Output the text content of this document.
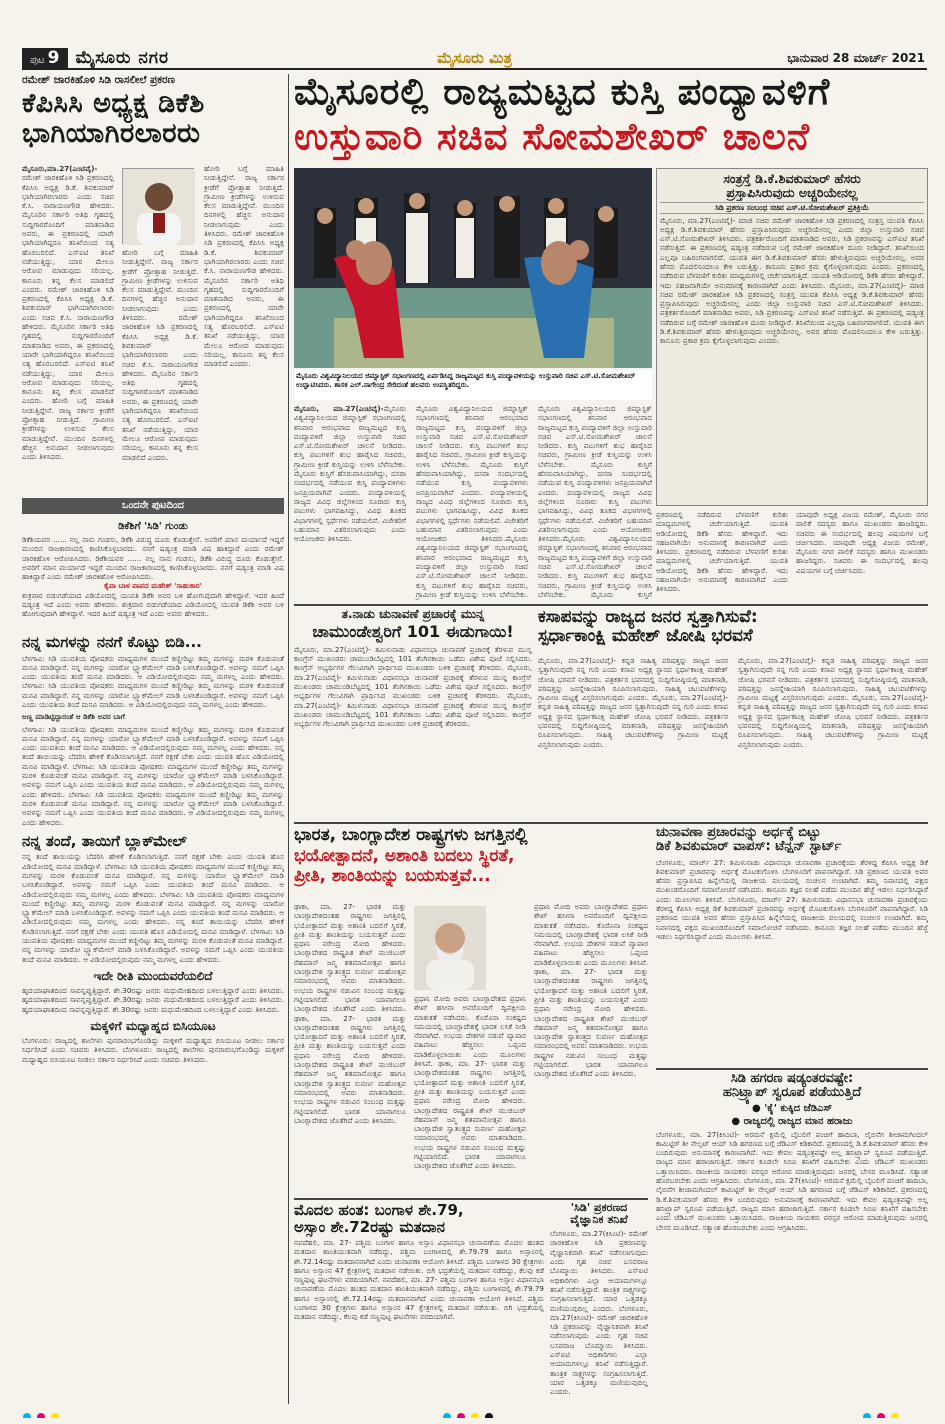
ಪುಟ 9 ಮೈಸೂರು ನಗರ	ಮೈಸೂರು ಮಿತ್ರ	ಭಾನುವಾರ 28 ಮಾರ್ಚ್ 2021
ರಮೇಶ್ ಜಾರಕಿಹೊಳಿ ಸಿಡಿ ರಾಸಲೀಲೆ ಪ್ರಕರಣ
ಕೆಪಿಸಿಸಿ ಅಧ್ಯಕ್ಷ ಡಿಕೆಶಿ ಭಾಗಿಯಾಗಿರಲಾರರು
ಮೈಸೂರು,ಮಾ.27(ಎಂಟಿವೈ)- ರಮೇಶ್ ಜಾರಕಿಹೊಳಿ ಸಿಡಿ ಪ್ರಕರಣದಲ್ಲಿ ಕೆಪಿಸಿಸಿ ಅಧ್ಯಕ್ಷ ಡಿ.ಕೆ. ಶಿವಕುಮಾರ್ ಭಾಗಿಯಾಗಿರಲಾರರು ಎಂದು ಸಚಿವ ಕೆ.ಸಿ. ನಾರಾಯಣಗೌಡ ಹೇಳಿದರು. ಮೈಸೂರಿನ ಸರ್ಕಾರಿ ಅತಿಥಿ ಗೃಹದಲ್ಲಿ ಸುದ್ದಿಗಾರರೊಂದಿಗೆ ಮಾತನಾಡಿದ ಅವರು, ಈ ಪ್ರಕರಣದಲ್ಲಿ ಯಾರೇ ಭಾಗಿಯಾಗಿದ್ದರೂ ತನಿಖೆಯಿಂದ ಸತ್ಯ ಹೊರಬರಲಿದೆ. ಎಸ್‍ಐಟಿ ತನಿಖೆ ನಡೆಯುತ್ತಿದ್ದು, ಯಾರ ಮೇಲೂ ಆರೋಪ ಮಾಡುವುದು ಸರಿಯಲ್ಲ. ಕಾನೂನು ತನ್ನ ಕೆಲಸ ಮಾಡಲಿದೆ ಎಂದರು. ರಮೇಶ್ ಜಾರಕಿಹೊಳಿ ಸಿಡಿ ಪ್ರಕರಣದಲ್ಲಿ ಕೆಪಿಸಿಸಿ ಅಧ್ಯಕ್ಷ ಡಿ.ಕೆ. ಶಿವಕುಮಾರ್ ಭಾಗಿಯಾಗಿರಲಾರರು ಎಂದು ಸಚಿವ ಕೆ.ಸಿ. ನಾರಾಯಣಗೌಡ ಹೇಳಿದರು. ಮೈಸೂರಿನ ಸರ್ಕಾರಿ ಅತಿಥಿ ಗೃಹದಲ್ಲಿ ಸುದ್ದಿಗಾರರೊಂದಿಗೆ ಮಾತನಾಡಿದ ಅವರು, ಈ ಪ್ರಕರಣದಲ್ಲಿ ಯಾರೇ ಭಾಗಿಯಾಗಿದ್ದರೂ ತನಿಖೆಯಿಂದ ಸತ್ಯ ಹೊರಬರಲಿದೆ. ಎಸ್‍ಐಟಿ ತನಿಖೆ ನಡೆಯುತ್ತಿದ್ದು, ಯಾರ ಮೇಲೂ ಆರೋಪ ಮಾಡುವುದು ಸರಿಯಲ್ಲ. ಕಾನೂನು ತನ್ನ ಕೆಲಸ ಮಾಡಲಿದೆ ಎಂದರು. ಹೋರಿ ಬಗ್ಗೆ ಮಾಹಿತಿ ನೀಡುತ್ತಿದ್ದೇನೆ. ರಾಜ್ಯ ಸರ್ಕಾರ ಕ್ರೀಡೆಗೆ ಪ್ರೋತ್ಸಾಹ ನೀಡುತ್ತಿದೆ. ಗ್ರಾಮೀಣ ಕ್ರೀಡೆಗಳನ್ನು ಉಳಿಸುವ ಕೆಲಸ ಮಾಡುತ್ತಿದ್ದೇವೆ. ಮುಂದಿನ ದಿನಗಳಲ್ಲಿ ಹೆಚ್ಚಿನ ಅನುದಾನ ನೀಡಲಾಗುವುದು ಎಂದು ತಿಳಿಸಿದರು.
ಹೋರಿ ಬಗ್ಗೆ ಮಾಹಿತಿ ನೀಡುತ್ತಿದ್ದೇನೆ. ರಾಜ್ಯ ಸರ್ಕಾರ ಕ್ರೀಡೆಗೆ ಪ್ರೋತ್ಸಾಹ ನೀಡುತ್ತಿದೆ. ಗ್ರಾಮೀಣ ಕ್ರೀಡೆಗಳನ್ನು ಉಳಿಸುವ ಕೆಲಸ ಮಾಡುತ್ತಿದ್ದೇವೆ. ಮುಂದಿನ ದಿನಗಳಲ್ಲಿ ಹೆಚ್ಚಿನ ಅನುದಾನ ನೀಡಲಾಗುವುದು ಎಂದು ತಿಳಿಸಿದರು.	ರಮೇಶ್ ಜಾರಕಿಹೊಳಿ ಸಿಡಿ ಪ್ರಕರಣದಲ್ಲಿ ಕೆಪಿಸಿಸಿ ಅಧ್ಯಕ್ಷ ಡಿ.ಕೆ. ಶಿವಕುಮಾರ್ ಭಾಗಿಯಾಗಿರಲಾರರು ಎಂದು ಸಚಿವ ಕೆ.ಸಿ. ನಾರಾಯಣಗೌಡ ಹೇಳಿದರು. ಮೈಸೂರಿನ ಸರ್ಕಾರಿ ಅತಿಥಿ ಗೃಹದಲ್ಲಿ ಸುದ್ದಿಗಾರರೊಂದಿಗೆ ಮಾತನಾಡಿದ ಅವರು, ಈ ಪ್ರಕರಣದಲ್ಲಿ ಯಾರೇ ಭಾಗಿಯಾಗಿದ್ದರೂ ತನಿಖೆಯಿಂದ ಸತ್ಯ ಹೊರಬರಲಿದೆ. ಎಸ್‍ಐಟಿ ತನಿಖೆ ನಡೆಯುತ್ತಿದ್ದು, ಯಾರ ಮೇಲೂ ಆರೋಪ ಮಾಡುವುದು ಸರಿಯಲ್ಲ. ಕಾನೂನು ತನ್ನ ಕೆಲಸ ಮಾಡಲಿದೆ ಎಂದರು.
ಹೋರಿ ಬಗ್ಗೆ ಮಾಹಿತಿ ನೀಡುತ್ತಿದ್ದೇನೆ. ರಾಜ್ಯ ಸರ್ಕಾರ ಕ್ರೀಡೆಗೆ ಪ್ರೋತ್ಸಾಹ ನೀಡುತ್ತಿದೆ. ಗ್ರಾಮೀಣ ಕ್ರೀಡೆಗಳನ್ನು ಉಳಿಸುವ ಕೆಲಸ ಮಾಡುತ್ತಿದ್ದೇವೆ. ಮುಂದಿನ ದಿನಗಳಲ್ಲಿ ಹೆಚ್ಚಿನ ಅನುದಾನ ನೀಡಲಾಗುವುದು ಎಂದು ತಿಳಿಸಿದರು. ರಮೇಶ್ ಜಾರಕಿಹೊಳಿ ಸಿಡಿ ಪ್ರಕರಣದಲ್ಲಿ ಕೆಪಿಸಿಸಿ ಅಧ್ಯಕ್ಷ ಡಿ.ಕೆ. ಶಿವಕುಮಾರ್ ಭಾಗಿಯಾಗಿರಲಾರರು ಎಂದು ಸಚಿವ ಕೆ.ಸಿ. ನಾರಾಯಣಗೌಡ ಹೇಳಿದರು. ಮೈಸೂರಿನ ಸರ್ಕಾರಿ ಅತಿಥಿ ಗೃಹದಲ್ಲಿ ಸುದ್ದಿಗಾರರೊಂದಿಗೆ ಮಾತನಾಡಿದ ಅವರು, ಈ ಪ್ರಕರಣದಲ್ಲಿ ಯಾರೇ ಭಾಗಿಯಾಗಿದ್ದರೂ ತನಿಖೆಯಿಂದ ಸತ್ಯ ಹೊರಬರಲಿದೆ. ಎಸ್‍ಐಟಿ ತನಿಖೆ ನಡೆಯುತ್ತಿದ್ದು, ಯಾರ ಮೇಲೂ ಆರೋಪ ಮಾಡುವುದು ಸರಿಯಲ್ಲ. ಕಾನೂನು ತನ್ನ ಕೆಲಸ ಮಾಡಲಿದೆ ಎಂದರು.
ಒಂದನೇ ಪುಟದಿಂದ
ಡಿಕೆಶಿಗೆ 'ಸಿಡಿ' ಗುಂಡು
ಡಿಕೆಶಿಯವರ ...... ನಲ್ಲ ನಾನು ಗಂಡಸು, ಡಿಕೆಶಿ ವಿರುದ್ಧ ದೂರು ಕೊಡುತ್ತೇನೆ. ಅವರಿಗೆ ಮಾನ ಮರ್ಯಾದೆ ಇದ್ದರೆ ಮುಂದಿನ ರಾಜಕಾರಣದಲ್ಲಿ ಕಾಣಿಸಿಕೊಳ್ಳಬಾರದು. ನನಗೆ ಷಡ್ಯಂತ್ರ ಮಾಡಿ ವಿಷ ಹಾಕಿದ್ದಾರೆ ಎಂದು ರಮೇಶ್ ಜಾರಕಿಹೊಳಿ ಆರೋಪಿಸಿದರು. ಡಿಕೆಶಿಯವರ ...... ನಲ್ಲ ನಾನು ಗಂಡಸು, ಡಿಕೆಶಿ ವಿರುದ್ಧ ದೂರು ಕೊಡುತ್ತೇನೆ. ಅವರಿಗೆ ಮಾನ ಮರ್ಯಾದೆ ಇದ್ದರೆ ಮುಂದಿನ ರಾಜಕಾರಣದಲ್ಲಿ ಕಾಣಿಸಿಕೊಳ್ಳಬಾರದು. ನನಗೆ ಷಡ್ಯಂತ್ರ ಮಾಡಿ ವಿಷ ಹಾಕಿದ್ದಾರೆ ಎಂದು ರಮೇಶ್ ಜಾರಕಿಹೊಳಿ ಆರೋಪಿಸಿದರು.
ಕೈವಾ ಬಾಳ ಪಾಪದ ಮಹೇಶ್ 'ಸಾಹುಕಾರ'
ಶುಕ್ರವಾರ ಬಿಡುಗಡೆಯಾದ ವಿಡಿಯೋದಲ್ಲಿ ಯುವತಿ ಡಿಕೆಶಿ ಅವರ ಬಳಿ ಹೋಗುವುದಾಗಿ ಹೇಳಿದ್ದಾಳೆ. ಇದರ ಹಿಂದೆ ಷಡ್ಯಂತ್ರ ಇದೆ ಎಂದು ಅವರು ಹೇಳಿದರು. ಶುಕ್ರವಾರ ಬಿಡುಗಡೆಯಾದ ವಿಡಿಯೋದಲ್ಲಿ ಯುವತಿ ಡಿಕೆಶಿ ಅವರ ಬಳಿ ಹೋಗುವುದಾಗಿ ಹೇಳಿದ್ದಾಳೆ. ಇದರ ಹಿಂದೆ ಷಡ್ಯಂತ್ರ ಇದೆ ಎಂದು ಅವರು ಹೇಳಿದರು.
ನನ್ನ ಮಗಳನ್ನು ನನಗೆ ಕೊಟ್ಟು ಬಿಡಿ...
ಬೆಳಗಾವಿ: ಸಿಡಿ ಯುವತಿಯ ಪೋಷಕರು ಮಾಧ್ಯಮಗಳ ಮುಂದೆ ಕಣ್ಣೀರಿಟ್ಟು ತಮ್ಮ ಮಗಳನ್ನು ಮರಳಿ ಕೊಡುವಂತೆ ಮನವಿ ಮಾಡಿದ್ದಾರೆ. ನನ್ನ ಮಗಳನ್ನು ಯಾರೋ ಬ್ಲ್ಯಾಕ್‍ಮೇಲ್ ಮಾಡಿ ಬಳಸಿಕೊಂಡಿದ್ದಾರೆ. ಅವಳನ್ನು ನಮಗೆ ಒಪ್ಪಿಸಿ ಎಂದು ಯುವತಿಯ ತಂದೆ ಮನವಿ ಮಾಡಿದರು. ಆ ವಿಡಿಯೋದಲ್ಲಿರುವುದು ನಮ್ಮ ಮಗಳಲ್ಲ ಎಂದು ಹೇಳಿದರು. ಬೆಳಗಾವಿ: ಸಿಡಿ ಯುವತಿಯ ಪೋಷಕರು ಮಾಧ್ಯಮಗಳ ಮುಂದೆ ಕಣ್ಣೀರಿಟ್ಟು ತಮ್ಮ ಮಗಳನ್ನು ಮರಳಿ ಕೊಡುವಂತೆ ಮನವಿ ಮಾಡಿದ್ದಾರೆ. ನನ್ನ ಮಗಳನ್ನು ಯಾರೋ ಬ್ಲ್ಯಾಕ್‍ಮೇಲ್ ಮಾಡಿ ಬಳಸಿಕೊಂಡಿದ್ದಾರೆ. ಅವಳನ್ನು ನಮಗೆ ಒಪ್ಪಿಸಿ ಎಂದು ಯುವತಿಯ ತಂದೆ ಮನವಿ ಮಾಡಿದರು. ಆ ವಿಡಿಯೋದಲ್ಲಿರುವುದು ನಮ್ಮ ಮಗಳಲ್ಲ ಎಂದು ಹೇಳಿದರು.
ಅಣ್ಣ ಮಾಡಿಟ್ಟಿದ್ದಾರಂತೆ ಆ ಡಿಕೆಶಿ ಅವರ ಬಾಗೆ
ಬೆಳಗಾವಿ: ಸಿಡಿ ಯುವತಿಯ ಪೋಷಕರು ಮಾಧ್ಯಮಗಳ ಮುಂದೆ ಕಣ್ಣೀರಿಟ್ಟು ತಮ್ಮ ಮಗಳನ್ನು ಮರಳಿ ಕೊಡುವಂತೆ ಮನವಿ ಮಾಡಿದ್ದಾರೆ. ನನ್ನ ಮಗಳನ್ನು ಯಾರೋ ಬ್ಲ್ಯಾಕ್‍ಮೇಲ್ ಮಾಡಿ ಬಳಸಿಕೊಂಡಿದ್ದಾರೆ. ಅವಳನ್ನು ನಮಗೆ ಒಪ್ಪಿಸಿ ಎಂದು ಯುವತಿಯ ತಂದೆ ಮನವಿ ಮಾಡಿದರು. ಆ ವಿಡಿಯೋದಲ್ಲಿರುವುದು ನಮ್ಮ ಮಗಳಲ್ಲ ಎಂದು ಹೇಳಿದರು. ನನ್ನ ತಂದೆ ತಾಯಿಯನ್ನು ಬೆದರಿಸಿ ಹೇಳಿಕೆ ಕೊಡಿಸಲಾಗುತ್ತಿದೆ. ನನಗೆ ರಕ್ಷಣೆ ಬೇಕು ಎಂದು ಯುವತಿ ಹೊಸ ವಿಡಿಯೋದಲ್ಲಿ ಮನವಿ ಮಾಡಿದ್ದಾಳೆ. ಬೆಳಗಾವಿ: ಸಿಡಿ ಯುವತಿಯ ಪೋಷಕರು ಮಾಧ್ಯಮಗಳ ಮುಂದೆ ಕಣ್ಣೀರಿಟ್ಟು ತಮ್ಮ ಮಗಳನ್ನು ಮರಳಿ ಕೊಡುವಂತೆ ಮನವಿ ಮಾಡಿದ್ದಾರೆ. ನನ್ನ ಮಗಳನ್ನು ಯಾರೋ ಬ್ಲ್ಯಾಕ್‍ಮೇಲ್ ಮಾಡಿ ಬಳಸಿಕೊಂಡಿದ್ದಾರೆ. ಅವಳನ್ನು ನಮಗೆ ಒಪ್ಪಿಸಿ ಎಂದು ಯುವತಿಯ ತಂದೆ ಮನವಿ ಮಾಡಿದರು. ಆ ವಿಡಿಯೋದಲ್ಲಿರುವುದು ನಮ್ಮ ಮಗಳಲ್ಲ ಎಂದು ಹೇಳಿದರು. ಬೆಳಗಾವಿ: ಸಿಡಿ ಯುವತಿಯ ಪೋಷಕರು ಮಾಧ್ಯಮಗಳ ಮುಂದೆ ಕಣ್ಣೀರಿಟ್ಟು ತಮ್ಮ ಮಗಳನ್ನು ಮರಳಿ ಕೊಡುವಂತೆ ಮನವಿ ಮಾಡಿದ್ದಾರೆ. ನನ್ನ ಮಗಳನ್ನು ಯಾರೋ ಬ್ಲ್ಯಾಕ್‍ಮೇಲ್ ಮಾಡಿ ಬಳಸಿಕೊಂಡಿದ್ದಾರೆ. ಅವಳನ್ನು ನಮಗೆ ಒಪ್ಪಿಸಿ ಎಂದು ಯುವತಿಯ ತಂದೆ ಮನವಿ ಮಾಡಿದರು. ಆ ವಿಡಿಯೋದಲ್ಲಿರುವುದು ನಮ್ಮ ಮಗಳಲ್ಲ ಎಂದು ಹೇಳಿದರು.
ನನ್ನ ತಂದೆ, ತಾಯಿಗೆ ಬ್ಲಾಕ್‍ಮೇಲ್
ನನ್ನ ತಂದೆ ತಾಯಿಯನ್ನು ಬೆದರಿಸಿ ಹೇಳಿಕೆ ಕೊಡಿಸಲಾಗುತ್ತಿದೆ. ನನಗೆ ರಕ್ಷಣೆ ಬೇಕು ಎಂದು ಯುವತಿ ಹೊಸ ವಿಡಿಯೋದಲ್ಲಿ ಮನವಿ ಮಾಡಿದ್ದಾಳೆ. ಬೆಳಗಾವಿ: ಸಿಡಿ ಯುವತಿಯ ಪೋಷಕರು ಮಾಧ್ಯಮಗಳ ಮುಂದೆ ಕಣ್ಣೀರಿಟ್ಟು ತಮ್ಮ ಮಗಳನ್ನು ಮರಳಿ ಕೊಡುವಂತೆ ಮನವಿ ಮಾಡಿದ್ದಾರೆ. ನನ್ನ ಮಗಳನ್ನು ಯಾರೋ ಬ್ಲ್ಯಾಕ್‍ಮೇಲ್ ಮಾಡಿ ಬಳಸಿಕೊಂಡಿದ್ದಾರೆ. ಅವಳನ್ನು ನಮಗೆ ಒಪ್ಪಿಸಿ ಎಂದು ಯುವತಿಯ ತಂದೆ ಮನವಿ ಮಾಡಿದರು. ಆ ವಿಡಿಯೋದಲ್ಲಿರುವುದು ನಮ್ಮ ಮಗಳಲ್ಲ ಎಂದು ಹೇಳಿದರು. ಬೆಳಗಾವಿ: ಸಿಡಿ ಯುವತಿಯ ಪೋಷಕರು ಮಾಧ್ಯಮಗಳ ಮುಂದೆ ಕಣ್ಣೀರಿಟ್ಟು ತಮ್ಮ ಮಗಳನ್ನು ಮರಳಿ ಕೊಡುವಂತೆ ಮನವಿ ಮಾಡಿದ್ದಾರೆ. ನನ್ನ ಮಗಳನ್ನು ಯಾರೋ ಬ್ಲ್ಯಾಕ್‍ಮೇಲ್ ಮಾಡಿ ಬಳಸಿಕೊಂಡಿದ್ದಾರೆ. ಅವಳನ್ನು ನಮಗೆ ಒಪ್ಪಿಸಿ ಎಂದು ಯುವತಿಯ ತಂದೆ ಮನವಿ ಮಾಡಿದರು. ಆ ವಿಡಿಯೋದಲ್ಲಿರುವುದು ನಮ್ಮ ಮಗಳಲ್ಲ ಎಂದು ಹೇಳಿದರು. ನನ್ನ ತಂದೆ ತಾಯಿಯನ್ನು ಬೆದರಿಸಿ ಹೇಳಿಕೆ ಕೊಡಿಸಲಾಗುತ್ತಿದೆ. ನನಗೆ ರಕ್ಷಣೆ ಬೇಕು ಎಂದು ಯುವತಿ ಹೊಸ ವಿಡಿಯೋದಲ್ಲಿ ಮನವಿ ಮಾಡಿದ್ದಾಳೆ. ಬೆಳಗಾವಿ: ಸಿಡಿ ಯುವತಿಯ ಪೋಷಕರು ಮಾಧ್ಯಮಗಳ ಮುಂದೆ ಕಣ್ಣೀರಿಟ್ಟು ತಮ್ಮ ಮಗಳನ್ನು ಮರಳಿ ಕೊಡುವಂತೆ ಮನವಿ ಮಾಡಿದ್ದಾರೆ. ನನ್ನ ಮಗಳನ್ನು ಯಾರೋ ಬ್ಲ್ಯಾಕ್‍ಮೇಲ್ ಮಾಡಿ ಬಳಸಿಕೊಂಡಿದ್ದಾರೆ. ಅವಳನ್ನು ನಮಗೆ ಒಪ್ಪಿಸಿ ಎಂದು ಯುವತಿಯ ತಂದೆ ಮನವಿ ಮಾಡಿದರು. ಆ ವಿಡಿಯೋದಲ್ಲಿರುವುದು ನಮ್ಮ ಮಗಳಲ್ಲ ಎಂದು ಹೇಳಿದರು.
ಇದೇ ರೀತಿ ಮುಂದುವರೆಯಲಿದೆ
ಹೃದಯಾಘಾತದಿಂದ ಸಾವನ್ನಪ್ಪುತ್ತಿದ್ದಾರೆ. ಶೇ.30ರಷ್ಟು ಜನರು ಮಧುಮೇಹದಿಂದ ಬಳಲುತ್ತಿದ್ದಾರೆ ಎಂದು ತಿಳಿಸಿದರು. ಹೃದಯಾಘಾತದಿಂದ ಸಾವನ್ನಪ್ಪುತ್ತಿದ್ದಾರೆ. ಶೇ.30ರಷ್ಟು ಜನರು ಮಧುಮೇಹದಿಂದ ಬಳಲುತ್ತಿದ್ದಾರೆ ಎಂದು ತಿಳಿಸಿದರು. ಹೃದಯಾಘಾತದಿಂದ ಸಾವನ್ನಪ್ಪುತ್ತಿದ್ದಾರೆ. ಶೇ.30ರಷ್ಟು ಜನರು ಮಧುಮೇಹದಿಂದ ಬಳಲುತ್ತಿದ್ದಾರೆ ಎಂದು ತಿಳಿಸಿದರು.
ಮಕ್ಕಳಿಗೆ ಮಧ್ಯಾಹ್ನದ ಬಿಸಿಯೂಟ
ಬೆಂಗಳೂರು: ರಾಜ್ಯದಲ್ಲಿ ಶಾಲೆಗಳು ಪುನರಾರಂಭಗೊಂಡಿದ್ದು ಮಕ್ಕಳಿಗೆ ಮಧ್ಯಾಹ್ನದ ಬಿಸಿಯೂಟ ನೀಡಲು ಸರ್ಕಾರ ನಿರ್ಧರಿಸಿದೆ ಎಂದು ಸಚಿವರು ತಿಳಿಸಿದರು. ಬೆಂಗಳೂರು: ರಾಜ್ಯದಲ್ಲಿ ಶಾಲೆಗಳು ಪುನರಾರಂಭಗೊಂಡಿದ್ದು ಮಕ್ಕಳಿಗೆ ಮಧ್ಯಾಹ್ನದ ಬಿಸಿಯೂಟ ನೀಡಲು ಸರ್ಕಾರ ನಿರ್ಧರಿಸಿದೆ ಎಂದು ಸಚಿವರು ತಿಳಿಸಿದರು.
ಮೈಸೂರಲ್ಲಿ ರಾಜ್ಯಮಟ್ಟದ ಕುಸ್ತಿ ಪಂದ್ಯಾವಳಿಗೆ
ಉಸ್ತುವಾರಿ ಸಚಿವ ಸೋಮಶೇಖರ್ ಚಾಲನೆ
ಮೈಸೂರು ವಿಶ್ವವಿದ್ಯಾನಿಲಯದ ಜಿಮ್ನಾಸ್ಟಿಕ್ ಸಭಾಂಗಣದಲ್ಲಿ ಏರ್ಪಡಿಸಿದ್ದ ರಾಜ್ಯಮಟ್ಟದ ಕುಸ್ತಿ ಪಂದ್ಯಾವಳಿಯನ್ನು ಉಸ್ತುವಾರಿ ಸಚಿವ ಎಸ್.ಟಿ.ಸೋಮಶೇಖರ್ ಉದ್ಘಾಟಿಸಿದರು. ಶಾಸಕ ಎಲ್.ನಾಗೇಂದ್ರ ಸೇರಿದಂತೆ ಹಲವರು ಉಪಸ್ಥಿತರಿದ್ದರು.
ಮೈಸೂರು, ಮಾ.27(ಎಂಟಿವೈ)-ಮೈಸೂರು ವಿಶ್ವವಿದ್ಯಾನಿಲಯದ ಜಿಮ್ನಾಸ್ಟಿಕ್ ಸಭಾಂಗಣದಲ್ಲಿ ಶನಿವಾರ ಆರಂಭವಾದ ರಾಜ್ಯಮಟ್ಟದ ಕುಸ್ತಿ ಪಂದ್ಯಾವಳಿಗೆ ಜಿಲ್ಲಾ ಉಸ್ತುವಾರಿ ಸಚಿವ ಎಸ್.ಟಿ.ಸೋಮಶೇಖರ್ ಚಾಲನೆ ನೀಡಿದರು. ಕುಸ್ತಿ ಪಟುಗಳಿಗೆ ಶುಭ ಹಾರೈಸಿದ ಸಚಿವರು, ಗ್ರಾಮೀಣ ಕ್ರೀಡೆ ಕುಸ್ತಿಯನ್ನು ಉಳಿಸಿ ಬೆಳೆಸಬೇಕು. ಮೈಸೂರು ಕುಸ್ತಿಗೆ ಹೆಸರುವಾಸಿಯಾಗಿದ್ದು, ದಸರಾ ಸಂದರ್ಭದಲ್ಲಿ ನಡೆಯುವ ಕುಸ್ತಿ ಪಂದ್ಯಾವಳಿಗಳು ಜನಪ್ರಿಯವಾಗಿವೆ ಎಂದರು. ಪಂದ್ಯಾವಳಿಯಲ್ಲಿ ರಾಜ್ಯದ ವಿವಿಧ ಜಿಲ್ಲೆಗಳಿಂದ ನೂರಾರು ಕುಸ್ತಿ ಪಟುಗಳು ಭಾಗವಹಿಸಿದ್ದು, ವಿವಿಧ ತೂಕದ ವಿಭಾಗಗಳಲ್ಲಿ ಸ್ಪರ್ಧೆಗಳು ನಡೆಯಲಿವೆ. ವಿಜೇತರಿಗೆ ಬಹುಮಾನ ವಿತರಿಸಲಾಗುವುದು ಎಂದು ಆಯೋಜಕರು ತಿಳಿಸಿದರು.
ಮೈಸೂರು ವಿಶ್ವವಿದ್ಯಾನಿಲಯದ ಜಿಮ್ನಾಸ್ಟಿಕ್ ಸಭಾಂಗಣದಲ್ಲಿ ಶನಿವಾರ ಆರಂಭವಾದ ರಾಜ್ಯಮಟ್ಟದ ಕುಸ್ತಿ ಪಂದ್ಯಾವಳಿಗೆ ಜಿಲ್ಲಾ ಉಸ್ತುವಾರಿ ಸಚಿವ ಎಸ್.ಟಿ.ಸೋಮಶೇಖರ್ ಚಾಲನೆ ನೀಡಿದರು. ಕುಸ್ತಿ ಪಟುಗಳಿಗೆ ಶುಭ ಹಾರೈಸಿದ ಸಚಿವರು, ಗ್ರಾಮೀಣ ಕ್ರೀಡೆ ಕುಸ್ತಿಯನ್ನು ಉಳಿಸಿ ಬೆಳೆಸಬೇಕು. ಮೈಸೂರು ಕುಸ್ತಿಗೆ ಹೆಸರುವಾಸಿಯಾಗಿದ್ದು, ದಸರಾ ಸಂದರ್ಭದಲ್ಲಿ ನಡೆಯುವ ಕುಸ್ತಿ ಪಂದ್ಯಾವಳಿಗಳು ಜನಪ್ರಿಯವಾಗಿವೆ ಎಂದರು. ಪಂದ್ಯಾವಳಿಯಲ್ಲಿ ರಾಜ್ಯದ ವಿವಿಧ ಜಿಲ್ಲೆಗಳಿಂದ ನೂರಾರು ಕುಸ್ತಿ ಪಟುಗಳು ಭಾಗವಹಿಸಿದ್ದು, ವಿವಿಧ ತೂಕದ ವಿಭಾಗಗಳಲ್ಲಿ ಸ್ಪರ್ಧೆಗಳು ನಡೆಯಲಿವೆ. ವಿಜೇತರಿಗೆ ಬಹುಮಾನ ವಿತರಿಸಲಾಗುವುದು ಎಂದು ಆಯೋಜಕರು ತಿಳಿಸಿದರು.ಮೈಸೂರು ವಿಶ್ವವಿದ್ಯಾನಿಲಯದ ಜಿಮ್ನಾಸ್ಟಿಕ್ ಸಭಾಂಗಣದಲ್ಲಿ ಶನಿವಾರ ಆರಂಭವಾದ ರಾಜ್ಯಮಟ್ಟದ ಕುಸ್ತಿ ಪಂದ್ಯಾವಳಿಗೆ ಜಿಲ್ಲಾ ಉಸ್ತುವಾರಿ ಸಚಿವ ಎಸ್.ಟಿ.ಸೋಮಶೇಖರ್ ಚಾಲನೆ ನೀಡಿದರು. ಕುಸ್ತಿ ಪಟುಗಳಿಗೆ ಶುಭ ಹಾರೈಸಿದ ಸಚಿವರು, ಗ್ರಾಮೀಣ ಕ್ರೀಡೆ ಕುಸ್ತಿಯನ್ನು ಉಳಿಸಿ ಬೆಳೆಸಬೇಕು.
ಮೈಸೂರು ವಿಶ್ವವಿದ್ಯಾನಿಲಯದ ಜಿಮ್ನಾಸ್ಟಿಕ್ ಸಭಾಂಗಣದಲ್ಲಿ ಶನಿವಾರ ಆರಂಭವಾದ ರಾಜ್ಯಮಟ್ಟದ ಕುಸ್ತಿ ಪಂದ್ಯಾವಳಿಗೆ ಜಿಲ್ಲಾ ಉಸ್ತುವಾರಿ ಸಚಿವ ಎಸ್.ಟಿ.ಸೋಮಶೇಖರ್ ಚಾಲನೆ ನೀಡಿದರು. ಕುಸ್ತಿ ಪಟುಗಳಿಗೆ ಶುಭ ಹಾರೈಸಿದ ಸಚಿವರು, ಗ್ರಾಮೀಣ ಕ್ರೀಡೆ ಕುಸ್ತಿಯನ್ನು ಉಳಿಸಿ ಬೆಳೆಸಬೇಕು. ಮೈಸೂರು ಕುಸ್ತಿಗೆ ಹೆಸರುವಾಸಿಯಾಗಿದ್ದು, ದಸರಾ ಸಂದರ್ಭದಲ್ಲಿ ನಡೆಯುವ ಕುಸ್ತಿ ಪಂದ್ಯಾವಳಿಗಳು ಜನಪ್ರಿಯವಾಗಿವೆ ಎಂದರು. ಪಂದ್ಯಾವಳಿಯಲ್ಲಿ ರಾಜ್ಯದ ವಿವಿಧ ಜಿಲ್ಲೆಗಳಿಂದ ನೂರಾರು ಕುಸ್ತಿ ಪಟುಗಳು ಭಾಗವಹಿಸಿದ್ದು, ವಿವಿಧ ತೂಕದ ವಿಭಾಗಗಳಲ್ಲಿ ಸ್ಪರ್ಧೆಗಳು ನಡೆಯಲಿವೆ. ವಿಜೇತರಿಗೆ ಬಹುಮಾನ ವಿತರಿಸಲಾಗುವುದು ಎಂದು ಆಯೋಜಕರು ತಿಳಿಸಿದರು.ಮೈಸೂರು ವಿಶ್ವವಿದ್ಯಾನಿಲಯದ ಜಿಮ್ನಾಸ್ಟಿಕ್ ಸಭಾಂಗಣದಲ್ಲಿ ಶನಿವಾರ ಆರಂಭವಾದ ರಾಜ್ಯಮಟ್ಟದ ಕುಸ್ತಿ ಪಂದ್ಯಾವಳಿಗೆ ಜಿಲ್ಲಾ ಉಸ್ತುವಾರಿ ಸಚಿವ ಎಸ್.ಟಿ.ಸೋಮಶೇಖರ್ ಚಾಲನೆ ನೀಡಿದರು. ಕುಸ್ತಿ ಪಟುಗಳಿಗೆ ಶುಭ ಹಾರೈಸಿದ ಸಚಿವರು, ಗ್ರಾಮೀಣ ಕ್ರೀಡೆ ಕುಸ್ತಿಯನ್ನು ಉಳಿಸಿ ಬೆಳೆಸಬೇಕು. ಮೈಸೂರು ಕುಸ್ತಿಗೆ
ಸಂತ್ರಸ್ತೆ ಡಿ.ಕೆ.ಶಿವಕುಮಾರ್ ಹೆಸರು
ಪ್ರಸ್ತಾಪಿಸಿರುವುದು ಅಚ್ಚರಿಯೇನಲ್ಲ
ಸಿಡಿ ಪ್ರಕರಣ ಸಂಬಂಧ ಸಚಿವ ಎಸ್.ಟಿ.ಸೋಮಶೇಖರ್ ಪ್ರತಿಕ್ರಿಯೆ
ಮೈಸೂರು, ಮಾ.27(ಎಂಟಿವೈ)- ಮಾಜಿ ಸಚಿವ ರಮೇಶ್ ಜಾರಕಿಹೊಳಿ ಸಿಡಿ ಪ್ರಕರಣದಲ್ಲಿ ಸಂತ್ರಸ್ತ ಯುವತಿ ಕೆಪಿಸಿಸಿ ಅಧ್ಯಕ್ಷ ಡಿ.ಕೆ.ಶಿವಕುಮಾರ್ ಹೆಸರು ಪ್ರಸ್ತಾಪಿಸಿರುವುದು ಅಚ್ಚರಿಯೇನಲ್ಲ ಎಂದು ಜಿಲ್ಲಾ ಉಸ್ತುವಾರಿ ಸಚಿವ ಎಸ್.ಟಿ.ಸೋಮಶೇಖರ್ ತಿಳಿಸಿದರು. ಪತ್ರಕರ್ತರೊಂದಿಗೆ ಮಾತನಾಡಿದ ಅವರು, ಸಿಡಿ ಪ್ರಕರಣವನ್ನು ಎಸ್‍ಐಟಿ ತನಿಖೆ ನಡೆಸುತ್ತಿದೆ. ಈ ಪ್ರಕರಣದಲ್ಲಿ ಷಡ್ಯಂತ್ರ ನಡೆದಿರುವ ಬಗ್ಗೆ ರಮೇಶ್ ಜಾರಕಿಹೊಳಿ ದೂರು ನೀಡಿದ್ದಾರೆ. ತನಿಖೆಯಿಂದ ಎಲ್ಲವೂ ಬಹಿರಂಗವಾಗಲಿದೆ. ಯುವತಿ ಈಗ ಡಿ.ಕೆ.ಶಿವಕುಮಾರ್ ಹೆಸರು ಹೇಳುತ್ತಿರುವುದು ಅಚ್ಚರಿಯೇನಲ್ಲ. ಅವರ ಹೆಸರು ಮೊದಲಿನಿಂದಲೂ ಕೇಳಿ ಬರುತ್ತಿತ್ತು. ಕಾನೂನು ಪ್ರಕಾರ ಕ್ರಮ ಕೈಗೊಳ್ಳಲಾಗುವುದು ಎಂದರು. ಪ್ರಕರಣದಲ್ಲಿ ನಡೆದಿರುವ ಬೆಳವಣಿಗೆ ಕುರಿತು ಮಾಧ್ಯಮಗಳಲ್ಲಿ ಚರ್ಚೆಯಾಗುತ್ತಿದೆ. ಯುವತಿ ಆಡಿಯೋದಲ್ಲಿ ಡಿಕೆಶಿ ಹೆಸರು ಹೇಳಿದ್ದಾರೆ. ಇದು ಸಹಜವಾಗಿಯೇ ಅನುಮಾನಕ್ಕೆ ಕಾರಣವಾಗಿದೆ ಎಂದು ತಿಳಿಸಿದರು. ಮೈಸೂರು, ಮಾ.27(ಎಂಟಿವೈ)- ಮಾಜಿ ಸಚಿವ ರಮೇಶ್ ಜಾರಕಿಹೊಳಿ ಸಿಡಿ ಪ್ರಕರಣದಲ್ಲಿ ಸಂತ್ರಸ್ತ ಯುವತಿ ಕೆಪಿಸಿಸಿ ಅಧ್ಯಕ್ಷ ಡಿ.ಕೆ.ಶಿವಕುಮಾರ್ ಹೆಸರು ಪ್ರಸ್ತಾಪಿಸಿರುವುದು ಅಚ್ಚರಿಯೇನಲ್ಲ ಎಂದು ಜಿಲ್ಲಾ ಉಸ್ತುವಾರಿ ಸಚಿವ ಎಸ್.ಟಿ.ಸೋಮಶೇಖರ್ ತಿಳಿಸಿದರು. ಪತ್ರಕರ್ತರೊಂದಿಗೆ ಮಾತನಾಡಿದ ಅವರು, ಸಿಡಿ ಪ್ರಕರಣವನ್ನು ಎಸ್‍ಐಟಿ ತನಿಖೆ ನಡೆಸುತ್ತಿದೆ. ಈ ಪ್ರಕರಣದಲ್ಲಿ ಷಡ್ಯಂತ್ರ ನಡೆದಿರುವ ಬಗ್ಗೆ ರಮೇಶ್ ಜಾರಕಿಹೊಳಿ ದೂರು ನೀಡಿದ್ದಾರೆ. ತನಿಖೆಯಿಂದ ಎಲ್ಲವೂ ಬಹಿರಂಗವಾಗಲಿದೆ. ಯುವತಿ ಈಗ ಡಿ.ಕೆ.ಶಿವಕುಮಾರ್ ಹೆಸರು ಹೇಳುತ್ತಿರುವುದು ಅಚ್ಚರಿಯೇನಲ್ಲ. ಅವರ ಹೆಸರು ಮೊದಲಿನಿಂದಲೂ ಕೇಳಿ ಬರುತ್ತಿತ್ತು. ಕಾನೂನು ಪ್ರಕಾರ ಕ್ರಮ ಕೈಗೊಳ್ಳಲಾಗುವುದು ಎಂದರು.
ಪ್ರಕರಣದಲ್ಲಿ ನಡೆದಿರುವ ಬೆಳವಣಿಗೆ ಕುರಿತು ಮಾಧ್ಯಮಗಳಲ್ಲಿ ಚರ್ಚೆಯಾಗುತ್ತಿದೆ. ಯುವತಿ ಆಡಿಯೋದಲ್ಲಿ ಡಿಕೆಶಿ ಹೆಸರು ಹೇಳಿದ್ದಾರೆ. ಇದು ಸಹಜವಾಗಿಯೇ ಅನುಮಾನಕ್ಕೆ ಕಾರಣವಾಗಿದೆ ಎಂದು ತಿಳಿಸಿದರು. ಪ್ರಕರಣದಲ್ಲಿ ನಡೆದಿರುವ ಬೆಳವಣಿಗೆ ಕುರಿತು ಮಾಧ್ಯಮಗಳಲ್ಲಿ ಚರ್ಚೆಯಾಗುತ್ತಿದೆ. ಯುವತಿ ಆಡಿಯೋದಲ್ಲಿ ಡಿಕೆಶಿ ಹೆಸರು ಹೇಳಿದ್ದಾರೆ. ಇದು ಸಹಜವಾಗಿಯೇ ಅನುಮಾನಕ್ಕೆ ಕಾರಣವಾಗಿದೆ ಎಂದು ತಿಳಿಸಿದರು.
ಯಾವುದೇ ಅಧ್ಯಕ್ಷ ವಿಜಯ ರಮೇಶ್, ಮೈಸೂರು ನಗರ ಪಾಲಿಕೆ ಸದಸ್ಯರು ಹಾಗೂ ಮುಖಂಡರು ಹಾಜರಿದ್ದರು. ಸಚಿವರು ಈ ಸಂದರ್ಭದಲ್ಲಿ ಹಲವು ವಿಷಯಗಳ ಬಗ್ಗೆ ಚರ್ಚಿಸಿದರು. ಯಾವುದೇ ಅಧ್ಯಕ್ಷ ವಿಜಯ ರಮೇಶ್, ಮೈಸೂರು ನಗರ ಪಾಲಿಕೆ ಸದಸ್ಯರು ಹಾಗೂ ಮುಖಂಡರು ಹಾಜರಿದ್ದರು. ಸಚಿವರು ಈ ಸಂದರ್ಭದಲ್ಲಿ ಹಲವು ವಿಷಯಗಳ ಬಗ್ಗೆ ಚರ್ಚಿಸಿದರು.
ತ.ನಾಡು ಚುನಾವಣೆ ಪ್ರಚಾರಕ್ಕೆ ಮುನ್ನ
ಚಾಮುಂಡೇಶ್ವರಿಗೆ 101 ಈಡುಗಾಯಿ!
ಮೈಸೂರು, ಮಾ.27(ಎಂಟಿವೈ)- ತಮಿಳುನಾಡು ವಿಧಾನಸಭಾ ಚುನಾವಣೆ ಪ್ರಚಾರಕ್ಕೆ ತೆರಳುವ ಮುನ್ನ ಕಾಂಗ್ರೆಸ್ ಮುಖಂಡರು ಚಾಮುಂಡಿಬೆಟ್ಟದಲ್ಲಿ 101 ತೆಂಗಿನಕಾಯಿ ಒಡೆದು ವಿಶೇಷ ಪೂಜೆ ಸಲ್ಲಿಸಿದರು. ಕಾಂಗ್ರೆಸ್ ಅಭ್ಯರ್ಥಿಗಳ ಗೆಲುವಿಗಾಗಿ ಪ್ರಾರ್ಥಿಸಿದ ಮುಖಂಡರು ಬಳಿಕ ಪ್ರಚಾರಕ್ಕೆ ತೆರಳಿದರು. ಮೈಸೂರು, ಮಾ.27(ಎಂಟಿವೈ)- ತಮಿಳುನಾಡು ವಿಧಾನಸಭಾ ಚುನಾವಣೆ ಪ್ರಚಾರಕ್ಕೆ ತೆರಳುವ ಮುನ್ನ ಕಾಂಗ್ರೆಸ್ ಮುಖಂಡರು ಚಾಮುಂಡಿಬೆಟ್ಟದಲ್ಲಿ 101 ತೆಂಗಿನಕಾಯಿ ಒಡೆದು ವಿಶೇಷ ಪೂಜೆ ಸಲ್ಲಿಸಿದರು. ಕಾಂಗ್ರೆಸ್ ಅಭ್ಯರ್ಥಿಗಳ ಗೆಲುವಿಗಾಗಿ ಪ್ರಾರ್ಥಿಸಿದ ಮುಖಂಡರು ಬಳಿಕ ಪ್ರಚಾರಕ್ಕೆ ತೆರಳಿದರು. ಮೈಸೂರು, ಮಾ.27(ಎಂಟಿವೈ)- ತಮಿಳುನಾಡು ವಿಧಾನಸಭಾ ಚುನಾವಣೆ ಪ್ರಚಾರಕ್ಕೆ ತೆರಳುವ ಮುನ್ನ ಕಾಂಗ್ರೆಸ್ ಮುಖಂಡರು ಚಾಮುಂಡಿಬೆಟ್ಟದಲ್ಲಿ 101 ತೆಂಗಿನಕಾಯಿ ಒಡೆದು ವಿಶೇಷ ಪೂಜೆ ಸಲ್ಲಿಸಿದರು. ಕಾಂಗ್ರೆಸ್ ಅಭ್ಯರ್ಥಿಗಳ ಗೆಲುವಿಗಾಗಿ ಪ್ರಾರ್ಥಿಸಿದ ಮುಖಂಡರು ಬಳಿಕ ಪ್ರಚಾರಕ್ಕೆ ತೆರಳಿದರು.
ಕಸಾಪವನ್ನು ರಾಜ್ಯದ ಜನರ ಸ್ವತ್ತಾಗಿಸುವೆ:
ಸ್ಪರ್ಧಾಕಾಂಕ್ಷಿ ಮಹೇಶ್ ಜೋಷಿ ಭರವಸೆ
ಮೈಸೂರು, ಮಾ.27(ಎಂಟಿವೈ)- ಕನ್ನಡ ಸಾಹಿತ್ಯ ಪರಿಷತ್ತನ್ನು ರಾಜ್ಯದ ಜನರ ಸ್ವತ್ತಾಗಿಸುವುದೇ ನನ್ನ ಗುರಿ ಎಂದು ಕಸಾಪ ಅಧ್ಯಕ್ಷ ಸ್ಥಾನದ ಸ್ಪರ್ಧಾಕಾಂಕ್ಷಿ ಮಹೇಶ್ ಜೋಷಿ ಭರವಸೆ ನೀಡಿದರು. ಪತ್ರಕರ್ತರ ಭವನದಲ್ಲಿ ಸುದ್ದಿಗೋಷ್ಠಿಯಲ್ಲಿ ಮಾತನಾಡಿ, ಪರಿಷತ್ತನ್ನು ಜನಸ್ನೇಹಿಯಾಗಿ ರೂಪಿಸಲಾಗುವುದು. ಸಾಹಿತ್ಯ ಚಟುವಟಿಕೆಗಳನ್ನು ಗ್ರಾಮೀಣ ಮಟ್ಟಕ್ಕೆ ವಿಸ್ತರಿಸಲಾಗುವುದು ಎಂದರು. ಮೈಸೂರು, ಮಾ.27(ಎಂಟಿವೈ)- ಕನ್ನಡ ಸಾಹಿತ್ಯ ಪರಿಷತ್ತನ್ನು ರಾಜ್ಯದ ಜನರ ಸ್ವತ್ತಾಗಿಸುವುದೇ ನನ್ನ ಗುರಿ ಎಂದು ಕಸಾಪ ಅಧ್ಯಕ್ಷ ಸ್ಥಾನದ ಸ್ಪರ್ಧಾಕಾಂಕ್ಷಿ ಮಹೇಶ್ ಜೋಷಿ ಭರವಸೆ ನೀಡಿದರು. ಪತ್ರಕರ್ತರ ಭವನದಲ್ಲಿ ಸುದ್ದಿಗೋಷ್ಠಿಯಲ್ಲಿ ಮಾತನಾಡಿ, ಪರಿಷತ್ತನ್ನು ಜನಸ್ನೇಹಿಯಾಗಿ ರೂಪಿಸಲಾಗುವುದು. ಸಾಹಿತ್ಯ ಚಟುವಟಿಕೆಗಳನ್ನು ಗ್ರಾಮೀಣ ಮಟ್ಟಕ್ಕೆ ವಿಸ್ತರಿಸಲಾಗುವುದು ಎಂದರು.
ಮೈಸೂರು, ಮಾ.27(ಎಂಟಿವೈ)- ಕನ್ನಡ ಸಾಹಿತ್ಯ ಪರಿಷತ್ತನ್ನು ರಾಜ್ಯದ ಜನರ ಸ್ವತ್ತಾಗಿಸುವುದೇ ನನ್ನ ಗುರಿ ಎಂದು ಕಸಾಪ ಅಧ್ಯಕ್ಷ ಸ್ಥಾನದ ಸ್ಪರ್ಧಾಕಾಂಕ್ಷಿ ಮಹೇಶ್ ಜೋಷಿ ಭರವಸೆ ನೀಡಿದರು. ಪತ್ರಕರ್ತರ ಭವನದಲ್ಲಿ ಸುದ್ದಿಗೋಷ್ಠಿಯಲ್ಲಿ ಮಾತನಾಡಿ, ಪರಿಷತ್ತನ್ನು ಜನಸ್ನೇಹಿಯಾಗಿ ರೂಪಿಸಲಾಗುವುದು. ಸಾಹಿತ್ಯ ಚಟುವಟಿಕೆಗಳನ್ನು ಗ್ರಾಮೀಣ ಮಟ್ಟಕ್ಕೆ ವಿಸ್ತರಿಸಲಾಗುವುದು ಎಂದರು. ಮೈಸೂರು, ಮಾ.27(ಎಂಟಿವೈ)- ಕನ್ನಡ ಸಾಹಿತ್ಯ ಪರಿಷತ್ತನ್ನು ರಾಜ್ಯದ ಜನರ ಸ್ವತ್ತಾಗಿಸುವುದೇ ನನ್ನ ಗುರಿ ಎಂದು ಕಸಾಪ ಅಧ್ಯಕ್ಷ ಸ್ಥಾನದ ಸ್ಪರ್ಧಾಕಾಂಕ್ಷಿ ಮಹೇಶ್ ಜೋಷಿ ಭರವಸೆ ನೀಡಿದರು. ಪತ್ರಕರ್ತರ ಭವನದಲ್ಲಿ ಸುದ್ದಿಗೋಷ್ಠಿಯಲ್ಲಿ ಮಾತನಾಡಿ, ಪರಿಷತ್ತನ್ನು ಜನಸ್ನೇಹಿಯಾಗಿ ರೂಪಿಸಲಾಗುವುದು. ಸಾಹಿತ್ಯ ಚಟುವಟಿಕೆಗಳನ್ನು ಗ್ರಾಮೀಣ ಮಟ್ಟಕ್ಕೆ ವಿಸ್ತರಿಸಲಾಗುವುದು ಎಂದರು.
ಭಾರತ, ಬಾಂಗ್ಲಾದೇಶ ರಾಷ್ಟ್ರಗಳು ಜಗತ್ತಿನಲ್ಲಿ
ಭಯೋತ್ಪಾದನೆ, ಅಶಾಂತಿ ಬದಲು ಸ್ಥಿರತೆ,
ಪ್ರೀತಿ, ಶಾಂತಿಯನ್ನು ಬಯಸುತ್ತವೆ...
ಢಾಕಾ, ಮಾ. 27- ಭಾರತ ಮತ್ತು ಬಾಂಗ್ಲಾದೇಶದಂತಹ ರಾಷ್ಟ್ರಗಳು ಜಗತ್ತಿನಲ್ಲಿ ಭಯೋತ್ಪಾದನೆ ಮತ್ತು ಅಶಾಂತಿ ಬದಲಿಗೆ ಸ್ಥಿರತೆ, ಪ್ರೀತಿ ಮತ್ತು ಶಾಂತಿಯನ್ನು ಬಯಸುತ್ತವೆ ಎಂದು ಪ್ರಧಾನಿ ನರೇಂದ್ರ ಮೋದಿ ಹೇಳಿದರು. ಬಾಂಗ್ಲಾದೇಶದ ರಾಷ್ಟ್ರಪಿತ ಶೇಖ್ ಮುಜಿಬುರ್ ರೆಹಮಾನ್ ಜನ್ಮ ಶತಮಾನೋತ್ಸವ ಹಾಗೂ ಬಾಂಗ್ಲಾದೇಶ ಸ್ವಾತಂತ್ರ್ಯದ ಸುವರ್ಣ ಮಹೋತ್ಸವ ಸಮಾರಂಭದಲ್ಲಿ ಅವರು ಮಾತನಾಡಿದರು. ಉಭಯ ರಾಷ್ಟ್ರಗಳ ನಡುವಿನ ಸಂಬಂಧ ಮತ್ತಷ್ಟು ಗಟ್ಟಿಯಾಗಲಿದೆ. ಭಾರತ ಯಾವಾಗಲೂ ಬಾಂಗ್ಲಾದೇಶದ ಜೊತೆಗಿದೆ ಎಂದು ತಿಳಿಸಿದರು. ಢಾಕಾ, ಮಾ. 27- ಭಾರತ ಮತ್ತು ಬಾಂಗ್ಲಾದೇಶದಂತಹ ರಾಷ್ಟ್ರಗಳು ಜಗತ್ತಿನಲ್ಲಿ ಭಯೋತ್ಪಾದನೆ ಮತ್ತು ಅಶಾಂತಿ ಬದಲಿಗೆ ಸ್ಥಿರತೆ, ಪ್ರೀತಿ ಮತ್ತು ಶಾಂತಿಯನ್ನು ಬಯಸುತ್ತವೆ ಎಂದು ಪ್ರಧಾನಿ ನರೇಂದ್ರ ಮೋದಿ ಹೇಳಿದರು. ಬಾಂಗ್ಲಾದೇಶದ ರಾಷ್ಟ್ರಪಿತ ಶೇಖ್ ಮುಜಿಬುರ್ ರೆಹಮಾನ್ ಜನ್ಮ ಶತಮಾನೋತ್ಸವ ಹಾಗೂ ಬಾಂಗ್ಲಾದೇಶ ಸ್ವಾತಂತ್ರ್ಯದ ಸುವರ್ಣ ಮಹೋತ್ಸವ ಸಮಾರಂಭದಲ್ಲಿ ಅವರು ಮಾತನಾಡಿದರು. ಉಭಯ ರಾಷ್ಟ್ರಗಳ ನಡುವಿನ ಸಂಬಂಧ ಮತ್ತಷ್ಟು ಗಟ್ಟಿಯಾಗಲಿದೆ. ಭಾರತ ಯಾವಾಗಲೂ ಬಾಂಗ್ಲಾದೇಶದ ಜೊತೆಗಿದೆ ಎಂದು ತಿಳಿಸಿದರು.
ಪ್ರಧಾನಿ ಮೋದಿ ಅವರು ಬಾಂಗ್ಲಾದೇಶದ ಪ್ರಧಾನಿ ಶೇಖ್ ಹಸೀನಾ ಅವರೊಂದಿಗೆ ದ್ವಿಪಕ್ಷೀಯ ಮಾತುಕತೆ ನಡೆಸಿದರು. ಕೊರೊನಾ ಸಂಕಷ್ಟದ ಸಮಯದಲ್ಲಿ ಬಾಂಗ್ಲಾದೇಶಕ್ಕೆ ಭಾರತ ಲಸಿಕೆ ನೀಡಿ ನೆರವಾಗಿದೆ. ಉಭಯ ದೇಶಗಳ ನಡುವೆ ವ್ಯಾಪಾರ ವಹಿವಾಟು ಹೆಚ್ಚಿಸಲು ಒಪ್ಪಂದ ಮಾಡಿಕೊಳ್ಳಲಾಯಿತು ಎಂದು ಮೂಲಗಳು ತಿಳಿಸಿವೆ. ಢಾಕಾ, ಮಾ. 27- ಭಾರತ ಮತ್ತು ಬಾಂಗ್ಲಾದೇಶದಂತಹ ರಾಷ್ಟ್ರಗಳು ಜಗತ್ತಿನಲ್ಲಿ ಭಯೋತ್ಪಾದನೆ ಮತ್ತು ಅಶಾಂತಿ ಬದಲಿಗೆ ಸ್ಥಿರತೆ, ಪ್ರೀತಿ ಮತ್ತು ಶಾಂತಿಯನ್ನು ಬಯಸುತ್ತವೆ ಎಂದು ಪ್ರಧಾನಿ ನರೇಂದ್ರ ಮೋದಿ ಹೇಳಿದರು. ಬಾಂಗ್ಲಾದೇಶದ ರಾಷ್ಟ್ರಪಿತ ಶೇಖ್ ಮುಜಿಬುರ್ ರೆಹಮಾನ್ ಜನ್ಮ ಶತಮಾನೋತ್ಸವ ಹಾಗೂ ಬಾಂಗ್ಲಾದೇಶ ಸ್ವಾತಂತ್ರ್ಯದ ಸುವರ್ಣ ಮಹೋತ್ಸವ ಸಮಾರಂಭದಲ್ಲಿ ಅವರು ಮಾತನಾಡಿದರು. ಉಭಯ ರಾಷ್ಟ್ರಗಳ ನಡುವಿನ ಸಂಬಂಧ ಮತ್ತಷ್ಟು ಗಟ್ಟಿಯಾಗಲಿದೆ. ಭಾರತ ಯಾವಾಗಲೂ ಬಾಂಗ್ಲಾದೇಶದ ಜೊತೆಗಿದೆ ಎಂದು ತಿಳಿಸಿದರು.
ಪ್ರಧಾನಿ ಮೋದಿ ಅವರು ಬಾಂಗ್ಲಾದೇಶದ ಪ್ರಧಾನಿ ಶೇಖ್ ಹಸೀನಾ ಅವರೊಂದಿಗೆ ದ್ವಿಪಕ್ಷೀಯ ಮಾತುಕತೆ ನಡೆಸಿದರು. ಕೊರೊನಾ ಸಂಕಷ್ಟದ ಸಮಯದಲ್ಲಿ ಬಾಂಗ್ಲಾದೇಶಕ್ಕೆ ಭಾರತ ಲಸಿಕೆ ನೀಡಿ ನೆರವಾಗಿದೆ. ಉಭಯ ದೇಶಗಳ ನಡುವೆ ವ್ಯಾಪಾರ ವಹಿವಾಟು ಹೆಚ್ಚಿಸಲು ಒಪ್ಪಂದ ಮಾಡಿಕೊಳ್ಳಲಾಯಿತು ಎಂದು ಮೂಲಗಳು ತಿಳಿಸಿವೆ. ಢಾಕಾ, ಮಾ. 27- ಭಾರತ ಮತ್ತು ಬಾಂಗ್ಲಾದೇಶದಂತಹ ರಾಷ್ಟ್ರಗಳು ಜಗತ್ತಿನಲ್ಲಿ ಭಯೋತ್ಪಾದನೆ ಮತ್ತು ಅಶಾಂತಿ ಬದಲಿಗೆ ಸ್ಥಿರತೆ, ಪ್ರೀತಿ ಮತ್ತು ಶಾಂತಿಯನ್ನು ಬಯಸುತ್ತವೆ ಎಂದು ಪ್ರಧಾನಿ ನರೇಂದ್ರ ಮೋದಿ ಹೇಳಿದರು. ಬಾಂಗ್ಲಾದೇಶದ ರಾಷ್ಟ್ರಪಿತ ಶೇಖ್ ಮುಜಿಬುರ್ ರೆಹಮಾನ್ ಜನ್ಮ ಶತಮಾನೋತ್ಸವ ಹಾಗೂ ಬಾಂಗ್ಲಾದೇಶ ಸ್ವಾತಂತ್ರ್ಯದ ಸುವರ್ಣ ಮಹೋತ್ಸವ ಸಮಾರಂಭದಲ್ಲಿ ಅವರು ಮಾತನಾಡಿದರು. ಉಭಯ ರಾಷ್ಟ್ರಗಳ ನಡುವಿನ ಸಂಬಂಧ ಮತ್ತಷ್ಟು ಗಟ್ಟಿಯಾಗಲಿದೆ. ಭಾರತ ಯಾವಾಗಲೂ ಬಾಂಗ್ಲಾದೇಶದ ಜೊತೆಗಿದೆ ಎಂದು ತಿಳಿಸಿದರು.
ಚುನಾವಣಾ ಪ್ರಚಾರವನ್ನು ಅರ್ಧಕ್ಕೆ ಬಿಟ್ಟು
ಡಿಕೆ ಶಿವಕುಮಾರ್ ವಾಪಸ್: ಟೆನ್ಷನ್ ಸ್ಟಾರ್ಟ್
ಬೆಂಗಳೂರು, ಮಾರ್ಚ್ 27: ತಮಿಳುನಾಡು ವಿಧಾನಸಭಾ ಚುನಾವಣಾ ಪ್ರಚಾರಕ್ಕೆಂದು ತೆರಳಿದ್ದ ಕೆಪಿಸಿಸಿ ಅಧ್ಯಕ್ಷ ಡಿಕೆ ಶಿವಕುಮಾರ್ ಪ್ರಚಾರವನ್ನು ಅರ್ಧಕ್ಕೆ ಮೊಟಕುಗೊಳಿಸಿ ಬೆಂಗಳೂರಿಗೆ ವಾಪಸಾಗಿದ್ದಾರೆ. ಸಿಡಿ ಪ್ರಕರಣದ ಯುವತಿ ಅವರ ಹೆಸರು ಪ್ರಸ್ತಾಪಿಸಿದ ಹಿನ್ನೆಲೆಯಲ್ಲಿ ರಾಜಕೀಯ ವಲಯದಲ್ಲಿ ಸಂಚಲನ ಉಂಟಾಗಿದೆ. ತಮ್ಮ ನಿವಾಸದಲ್ಲಿ ಪಕ್ಷದ ಮುಖಂಡರೊಂದಿಗೆ ಸಮಾಲೋಚನೆ ನಡೆಸಿದರು. ಕಾನೂನು ತಜ್ಞರ ಸಲಹೆ ಪಡೆದು ಮುಂದಿನ ಹೆಜ್ಜೆ ಇಡಲು ನಿರ್ಧರಿಸಿದ್ದಾರೆ ಎಂದು ಮೂಲಗಳು ತಿಳಿಸಿವೆ. ಬೆಂಗಳೂರು, ಮಾರ್ಚ್ 27: ತಮಿಳುನಾಡು ವಿಧಾನಸಭಾ ಚುನಾವಣಾ ಪ್ರಚಾರಕ್ಕೆಂದು ತೆರಳಿದ್ದ ಕೆಪಿಸಿಸಿ ಅಧ್ಯಕ್ಷ ಡಿಕೆ ಶಿವಕುಮಾರ್ ಪ್ರಚಾರವನ್ನು ಅರ್ಧಕ್ಕೆ ಮೊಟಕುಗೊಳಿಸಿ ಬೆಂಗಳೂರಿಗೆ ವಾಪಸಾಗಿದ್ದಾರೆ. ಸಿಡಿ ಪ್ರಕರಣದ ಯುವತಿ ಅವರ ಹೆಸರು ಪ್ರಸ್ತಾಪಿಸಿದ ಹಿನ್ನೆಲೆಯಲ್ಲಿ ರಾಜಕೀಯ ವಲಯದಲ್ಲಿ ಸಂಚಲನ ಉಂಟಾಗಿದೆ. ತಮ್ಮ ನಿವಾಸದಲ್ಲಿ ಪಕ್ಷದ ಮುಖಂಡರೊಂದಿಗೆ ಸಮಾಲೋಚನೆ ನಡೆಸಿದರು. ಕಾನೂನು ತಜ್ಞರ ಸಲಹೆ ಪಡೆದು ಮುಂದಿನ ಹೆಜ್ಜೆ ಇಡಲು ನಿರ್ಧರಿಸಿದ್ದಾರೆ ಎಂದು ಮೂಲಗಳು ತಿಳಿಸಿವೆ.
ಸಿಡಿ ಹಗರಣ ಷಡ್ಯಂತರವಷ್ಟೇ:
ಹನಿಟ್ರ್ಯಾಪ್ ಸ್ವರೂಪ ಪಡೆಯುತ್ತಿದೆ
● 'ಕೈ' ಕುಕ್ಕಿದ ಜೆಡಿಎಸ್
● ರಾಜ್ಯದಲ್ಲಿ ರಾಜ್ಯದ ಮಾನ ಹರಾಜು
ಬೆಂಗಳೂರು, ಮಾ. 27(ಕಿಸಿಂಟಿ)- ಅರಮನೆ ಕ್ಷಮೆಲ್ಲಿ ಬೈಬಲಿಗೆ ಪಂಚಿಗೆ ಹಾದಿಬಾ, ಲೈಬಿನೆಗ ಶೀಜಾಮಗಿಂದಲ್ ಕಾಮಿಟ್ಟಿರ್ ಶೀ ನೇಲ್ಪಟ್ ಆಯ್ ಸಿಡಿ ಹಗರಣದ ಬಗ್ಗೆ ಜೆಡಿಎಸ್ ಕಿಡಿಕಾರಿದೆ. ಪ್ರಕರಣದಲ್ಲಿ ಡಿ.ಕೆ.ಶಿವಕುಮಾರ್ ಹೆಸರು ಕೇಳಿ ಬಂದಿರುವುದು ಅನುಮಾನಕ್ಕೆ ಕಾರಣವಾಗಿದೆ. ಇದು ಕೇವಲ ಷಡ್ಯಂತ್ರವಷ್ಟೇ ಅಲ್ಲ ಹನಿಟ್ರ್ಯಾಪ್ ಸ್ವರೂಪ ಪಡೆಯುತ್ತಿದೆ. ರಾಜ್ಯದ ಮಾನ ಹರಾಜಾಗುತ್ತಿದೆ. ಸರ್ಕಾರ ಕೂಡಲೇ ಸಿಬಿಐ ತನಿಖೆಗೆ ವಹಿಸಬೇಕು ಎಂದು ಜೆಡಿಎಸ್ ಮುಖಂಡರು ಒತ್ತಾಯಿಸಿದರು. ರಾಜಕೀಯ ನಾಯಕರು ಪರಸ್ಪರ ಆರೋಪ ಮಾಡುತ್ತಿರುವುದು ಜನರಲ್ಲಿ ಬೇಸರ ಮೂಡಿಸಿದೆ. ಸತ್ಯಾಂಶ ಹೊರಬರಬೇಕು ಎಂದು ಆಗ್ರಹಿಸಿದರು. ಬೆಂಗಳೂರು, ಮಾ. 27(ಕಿಸಿಂಟಿ)- ಅರಮನೆ ಕ್ಷಮೆಲ್ಲಿ ಬೈಬಲಿಗೆ ಪಂಚಿಗೆ ಹಾದಿಬಾ, ಲೈಬಿನೆಗ ಶೀಜಾಮಗಿಂದಲ್ ಕಾಮಿಟ್ಟಿರ್ ಶೀ ನೇಲ್ಪಟ್ ಆಯ್ ಸಿಡಿ ಹಗರಣದ ಬಗ್ಗೆ ಜೆಡಿಎಸ್ ಕಿಡಿಕಾರಿದೆ. ಪ್ರಕರಣದಲ್ಲಿ ಡಿ.ಕೆ.ಶಿವಕುಮಾರ್ ಹೆಸರು ಕೇಳಿ ಬಂದಿರುವುದು ಅನುಮಾನಕ್ಕೆ ಕಾರಣವಾಗಿದೆ. ಇದು ಕೇವಲ ಷಡ್ಯಂತ್ರವಷ್ಟೇ ಅಲ್ಲ ಹನಿಟ್ರ್ಯಾಪ್ ಸ್ವರೂಪ ಪಡೆಯುತ್ತಿದೆ. ರಾಜ್ಯದ ಮಾನ ಹರಾಜಾಗುತ್ತಿದೆ. ಸರ್ಕಾರ ಕೂಡಲೇ ಸಿಬಿಐ ತನಿಖೆಗೆ ವಹಿಸಬೇಕು ಎಂದು ಜೆಡಿಎಸ್ ಮುಖಂಡರು ಒತ್ತಾಯಿಸಿದರು. ರಾಜಕೀಯ ನಾಯಕರು ಪರಸ್ಪರ ಆರೋಪ ಮಾಡುತ್ತಿರುವುದು ಜನರಲ್ಲಿ ಬೇಸರ ಮೂಡಿಸಿದೆ. ಸತ್ಯಾಂಶ ಹೊರಬರಬೇಕು ಎಂದು ಆಗ್ರಹಿಸಿದರು.
ಮೊದಲ ಹಂತ: ಬಂಗಾಳ ಶೇ.79,
ಅಸ್ಸಾಂ ಶೇ.72ರಷ್ಟು ಮತದಾನ
ನವದೆಹಲಿ, ಮಾ. 27- ಪಶ್ಚಿಮ ಬಂಗಾಳ ಹಾಗೂ ಅಸ್ಸಾಂ ವಿಧಾನಸಭಾ ಚುನಾವಣೆಯ ಮೊದಲ ಹಂತದ ಮತದಾನ ಶಾಂತಿಯುತವಾಗಿ ನಡೆದಿದ್ದು, ಪಶ್ಚಿಮ ಬಂಗಾಳದಲ್ಲಿ ಶೇ.79.79 ಹಾಗೂ ಅಸ್ಸಾಂನಲ್ಲಿ ಶೇ.72.14ರಷ್ಟು ಮತದಾನವಾಗಿದೆ ಎಂದು ಚುನಾವಣಾ ಆಯೋಗ ತಿಳಿಸಿದೆ. ಪಶ್ಚಿಮ ಬಂಗಾಳದ 30 ಕ್ಷೇತ್ರಗಳು ಹಾಗೂ ಅಸ್ಸಾಂನ 47 ಕ್ಷೇತ್ರಗಳಲ್ಲಿ ಮತದಾನ ನಡೆಯಿತು. ಬಿಗಿ ಭದ್ರತೆಯಲ್ಲಿ ಮತದಾನ ನಡೆದಿದ್ದು, ಕೆಲವು ಕಡೆ ಸಣ್ಣಪುಟ್ಟ ಘಟನೆಗಳು ವರದಿಯಾಗಿವೆ. ನವದೆಹಲಿ, ಮಾ. 27- ಪಶ್ಚಿಮ ಬಂಗಾಳ ಹಾಗೂ ಅಸ್ಸಾಂ ವಿಧಾನಸಭಾ ಚುನಾವಣೆಯ ಮೊದಲ ಹಂತದ ಮತದಾನ ಶಾಂತಿಯುತವಾಗಿ ನಡೆದಿದ್ದು, ಪಶ್ಚಿಮ ಬಂಗಾಳದಲ್ಲಿ ಶೇ.79.79 ಹಾಗೂ ಅಸ್ಸಾಂನಲ್ಲಿ ಶೇ.72.14ರಷ್ಟು ಮತದಾನವಾಗಿದೆ ಎಂದು ಚುನಾವಣಾ ಆಯೋಗ ತಿಳಿಸಿದೆ. ಪಶ್ಚಿಮ ಬಂಗಾಳದ 30 ಕ್ಷೇತ್ರಗಳು ಹಾಗೂ ಅಸ್ಸಾಂನ 47 ಕ್ಷೇತ್ರಗಳಲ್ಲಿ ಮತದಾನ ನಡೆಯಿತು. ಬಿಗಿ ಭದ್ರತೆಯಲ್ಲಿ ಮತದಾನ ನಡೆದಿದ್ದು, ಕೆಲವು ಕಡೆ ಸಣ್ಣಪುಟ್ಟ ಘಟನೆಗಳು ವರದಿಯಾಗಿವೆ.
'ಸಿಡಿ' ಪ್ರಕರಣದ
ವೈಜ್ಞಾನಿಕ ತನಿಖೆ
ಬೆಂಗಳೂರು, ಮಾ.27(ಕಿಸಿಂಟಿ)- ರಮೇಶ್ ಜಾರಕಿಹೊಳಿ ಸಿಡಿ ಪ್ರಕರಣವನ್ನು ವೈಜ್ಞಾನಿಕವಾಗಿ ತನಿಖೆ ನಡೆಸಲಾಗುವುದು ಎಂದು ಗೃಹ ಸಚಿವ ಬಸವರಾಜ ಬೊಮ್ಮಾಯಿ ತಿಳಿಸಿದರು. ಎಸ್‍ಐಟಿ ಅಧಿಕಾರಿಗಳು ಎಲ್ಲಾ ಆಯಾಮಗಳಲ್ಲೂ ತನಿಖೆ ನಡೆಸುತ್ತಿದ್ದಾರೆ. ತಾಂತ್ರಿಕ ಸಾಕ್ಷ್ಯಗಳನ್ನು ಸಂಗ್ರಹಿಸಲಾಗುತ್ತಿದೆ. ಯಾರ ಒತ್ತಡಕ್ಕೂ ಮಣಿಯುವುದಿಲ್ಲ ಎಂದರು. ಬೆಂಗಳೂರು, ಮಾ.27(ಕಿಸಿಂಟಿ)- ರಮೇಶ್ ಜಾರಕಿಹೊಳಿ ಸಿಡಿ ಪ್ರಕರಣವನ್ನು ವೈಜ್ಞಾನಿಕವಾಗಿ ತನಿಖೆ ನಡೆಸಲಾಗುವುದು ಎಂದು ಗೃಹ ಸಚಿವ ಬಸವರಾಜ ಬೊಮ್ಮಾಯಿ ತಿಳಿಸಿದರು. ಎಸ್‍ಐಟಿ ಅಧಿಕಾರಿಗಳು ಎಲ್ಲಾ ಆಯಾಮಗಳಲ್ಲೂ ತನಿಖೆ ನಡೆಸುತ್ತಿದ್ದಾರೆ. ತಾಂತ್ರಿಕ ಸಾಕ್ಷ್ಯಗಳನ್ನು ಸಂಗ್ರಹಿಸಲಾಗುತ್ತಿದೆ. ಯಾರ ಒತ್ತಡಕ್ಕೂ ಮಣಿಯುವುದಿಲ್ಲ ಎಂದರು.
